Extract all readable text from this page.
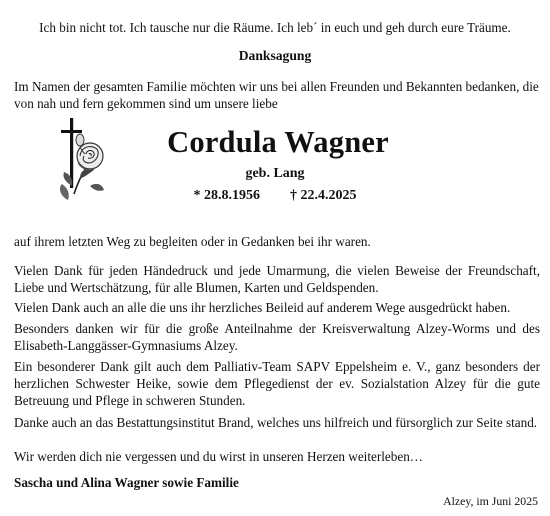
Ich bin nicht tot. Ich tausche nur die Räume. Ich leb´ in euch und geh durch eure Träume.

Danksagung

Im Namen der gesamten Familie möchten wir uns bei allen Freunden und Bekannten bedanken, die von nah und fern gekommen sind um unsere liebe

Cordula Wagner
geb. Lang
* 28.8.1956 † 22.4.2025

auf ihrem letzten Weg zu begleiten oder in Gedanken bei ihr waren.

Vielen Dank für jeden Händedruck und jede Umarmung, die vielen Beweise der Freundschaft, Liebe und Wertschätzung, für alle Blumen, Karten und Geldspenden.

Vielen Dank auch an alle die uns ihr herzliches Beileid auf anderem Wege ausgedrückt haben.

Besonders danken wir für die große Anteilnahme der Kreisverwaltung Alzey-Worms und des Elisabeth-Langgässer-Gymnasiums Alzey.

Ein besonderer Dank gilt auch dem Palliativ-Team SAPV Eppelsheim e. V., ganz besonders der herzlichen Schwester Heike, sowie dem Pflegedienst der ev. Sozialstation Alzey für die gute Betreuung und Pflege in schweren Stunden.

Danke auch an das Bestattungsinstitut Brand, welches uns hilfreich und fürsorglich zur Seite stand.

Wir werden dich nie vergessen und du wirst in unseren Herzen weiterleben…

Sascha und Alina Wagner sowie Familie

Alzey, im Juni 2025
